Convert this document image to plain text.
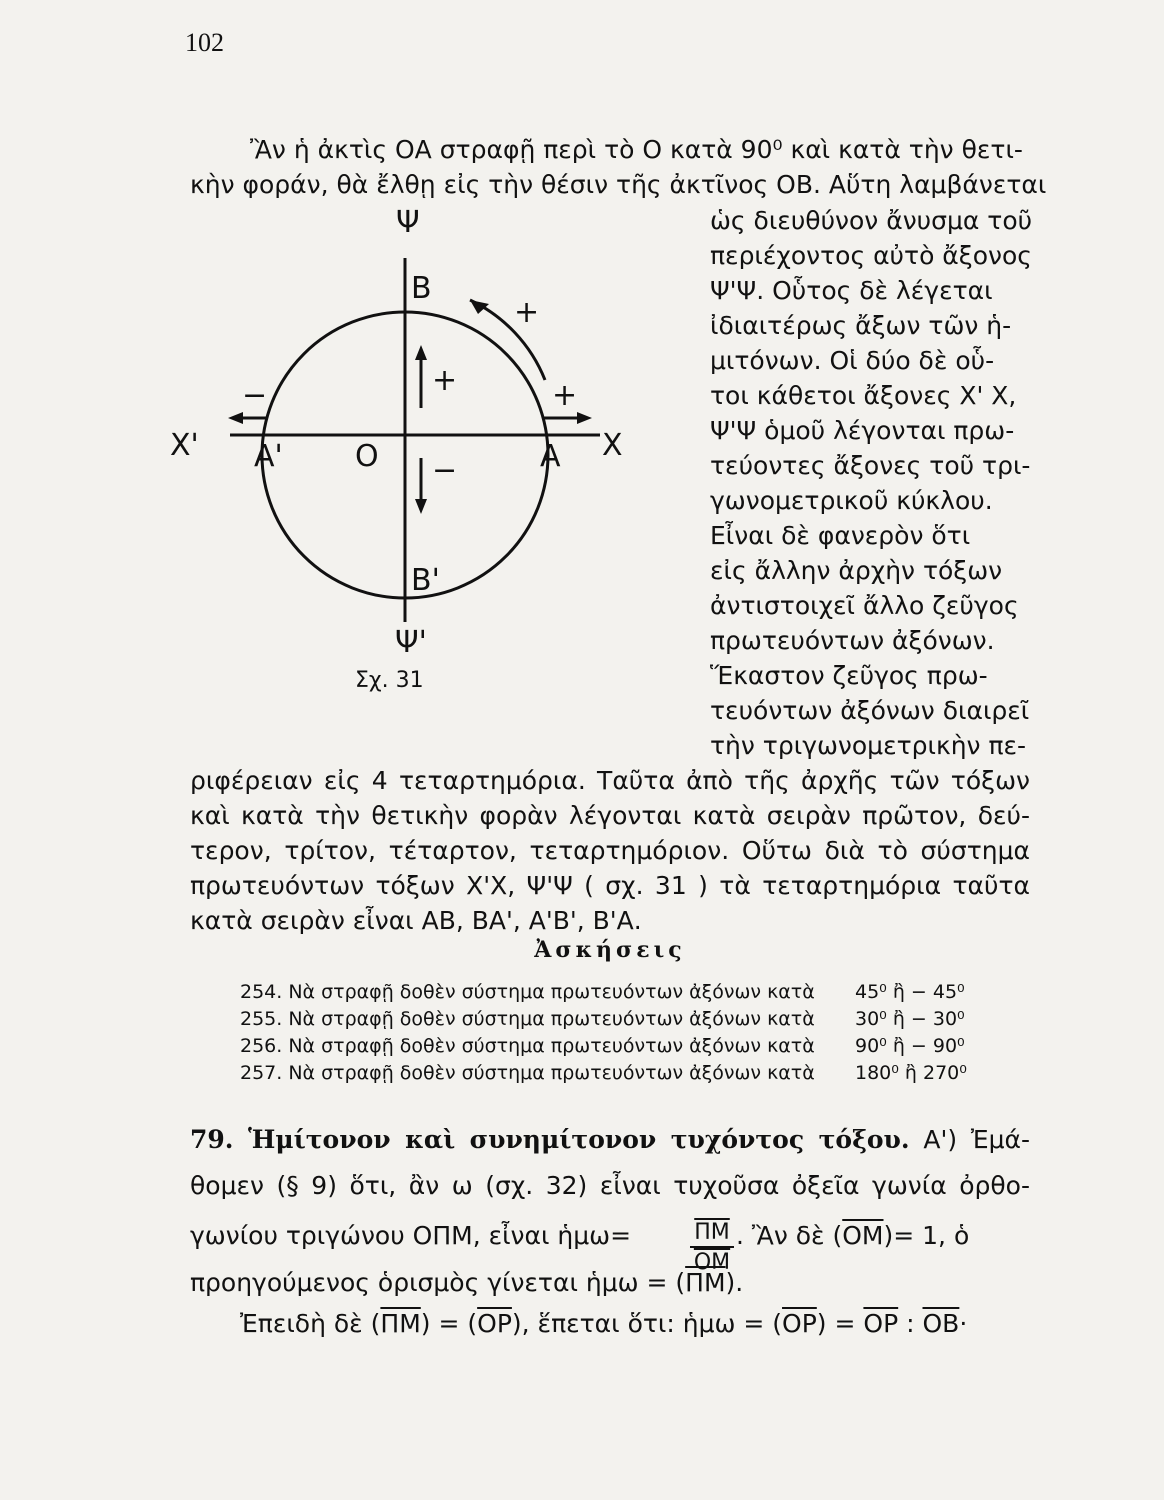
102
Ἂν ἡ ἀκτὶς ΟΑ στραφῇ περὶ τὸ Ο κατὰ 90⁰ καὶ κατὰ τὴν θετι-
κὴν φοράν, θὰ ἔλθῃ εἰς τὴν θέσιν τῆς ἀκτῖνος ΟΒ. Αὕτη λαμβάνεται
ὡς διευθύνον ἄνυσμα τοῦ
περιέχοντος αὐτὸ ἄξονος
Ψ'Ψ. Οὗτος δὲ λέγεται
ἰδιαιτέρως ἄξων τῶν ἡ-
μιτόνων. Οἱ δύο δὲ οὗ-
τοι κάθετοι ἄξονες Χ' Χ,
Ψ'Ψ ὁμοῦ λέγονται πρω-
τεύοντες ἄξονες τοῦ τρι-
γωνομετρικοῦ κύκλου.
Εἶναι δὲ φανερὸν ὅτι
εἰς ἄλλην ἀρχὴν τόξων
ἀντιστοιχεῖ ἄλλο ζεῦγος
πρωτευόντων ἀξόνων.
Ἕκαστον ζεῦγος πρω-
τευόντων ἀξόνων διαιρεῖ
τὴν τριγωνομετρικὴν πε-
Ψ
Ψ'
Χ'	Χ
Β
Β'
Α
Α' Ο
+
+	+
−
−
Σχ. 31
ριφέρειαν εἰς 4 τεταρτημόρια. Ταῦτα ἀπὸ τῆς ἀρχῆς τῶν τόξων
καὶ κατὰ τὴν θετικὴν φορὰν λέγονται κατὰ σειρὰν πρῶτον, δεύ-
τερον, τρίτον, τέταρτον, τεταρτημόριον. Οὕτω διὰ τὸ σύστημα
πρωτευόντων τόξων Χ'Χ, Ψ'Ψ ( σχ. 31 ) τὰ τεταρτημόρια ταῦτα
κατὰ σειρὰν εἶναι ΑΒ, ΒΑ', Α'Β', Β'Α.
Ἀσκήσεις
254. Νὰ στραφῇ δοθὲν σύστημα πρωτευόντων ἀξόνων κατὰ 45⁰ ἢ − 45⁰
255. Νὰ στραφῇ δοθὲν σύστημα πρωτευόντων ἀξόνων κατὰ 30⁰ ἢ − 30⁰
256. Νὰ στραφῇ δοθὲν σύστημα πρωτευόντων ἀξόνων κατὰ 90⁰ ἢ − 90⁰
257. Νὰ στραφῇ δοθὲν σύστημα πρωτευόντων ἀξόνων κατὰ 180⁰ ἢ 270⁰
79. Ἡμίτονον καὶ συνημίτονον τυχόντος τόξου. Α') Ἐμά-
θομεν (§ 9) ὅτι, ἂν ω (σχ. 32) εἶναι τυχοῦσα ὀξεῖα γωνία ὀρθο-
γωνίου τριγώνου ΟΠΜ, εἶναι ἡμω=	$\frac{\overline{\Pi M}}{OM}$ . Ἂν δὲ $(\overline{OM})= 1$, ὁ
προηγούμενος ὁρισμὸς γίνεται ἡμω = $(\overline{\Pi M})$.
Ἐπειδὴ δὲ $(\overline{\Pi M}) = (\overline{OP})$, ἕπεται ὅτι: ἡμω = $(\overline{OP}) = \overline{OP}$ : $\overline{OB}\cdot$
